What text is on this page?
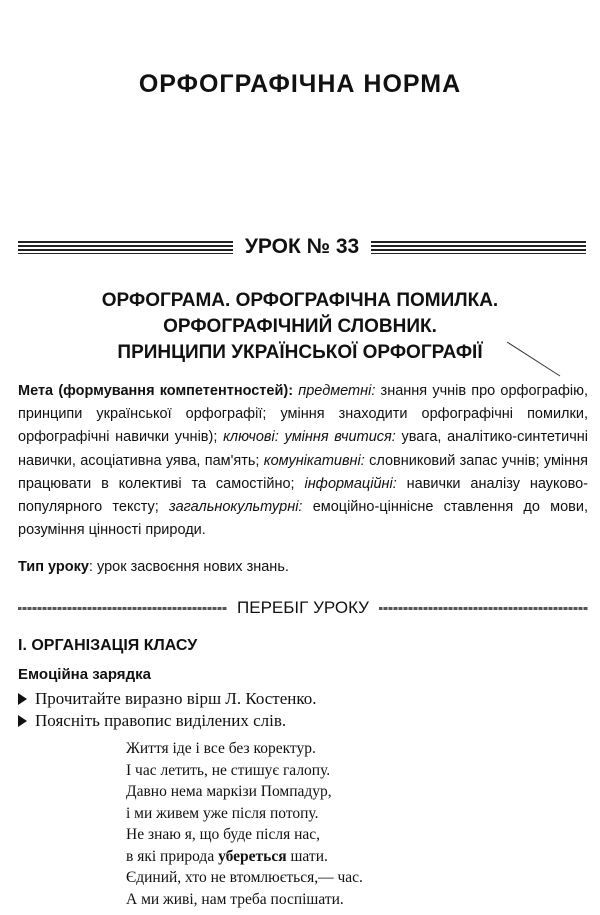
ОРФОГРАФІЧНА НОРМА
УРОК № 33
ОРФОГРАМА. ОРФОГРАФІЧНА ПОМИЛКА.
ОРФОГРАФІЧНИЙ СЛОВНИК.
ПРИНЦИПИ УКРАЇНСЬКОЇ ОРФОГРАФІЇ
Мета (формування компетентностей): предметні: знання учнів про орфографію, принципи української орфографії; уміння знаходити орфографічні помилки, орфографічні навички учнів); ключові: уміння вчитися: увага, аналітико-синтетичні навички, асоціативна уява, пам'ять; комунікативні: словниковий запас учнів; уміння працювати в колективі та самостійно; інформаційні: навички аналізу науково-популярного тексту; загальнокультурні: емоційно-ціннісне ставлення до мови, розуміння цінності природи.
Тип уроку: урок засвоєння нових знань.
ПЕРЕБІГ УРОКУ
І. ОРГАНІЗАЦІЯ КЛАСУ
Емоційна зарядка
Прочитайте виразно вірш Л. Костенко.
Поясніть правопис виділених слів.
Життя іде і все без коректур.
І час летить, не стишує галопу.
Давно нема маркізи Помпадур,
і ми живем уже після потопу.
Не знаю я, що буде після нас,
в які природа убереться шати.
Єдиний, хто не втомлюється,— час.
А ми живі, нам треба поспішати.
